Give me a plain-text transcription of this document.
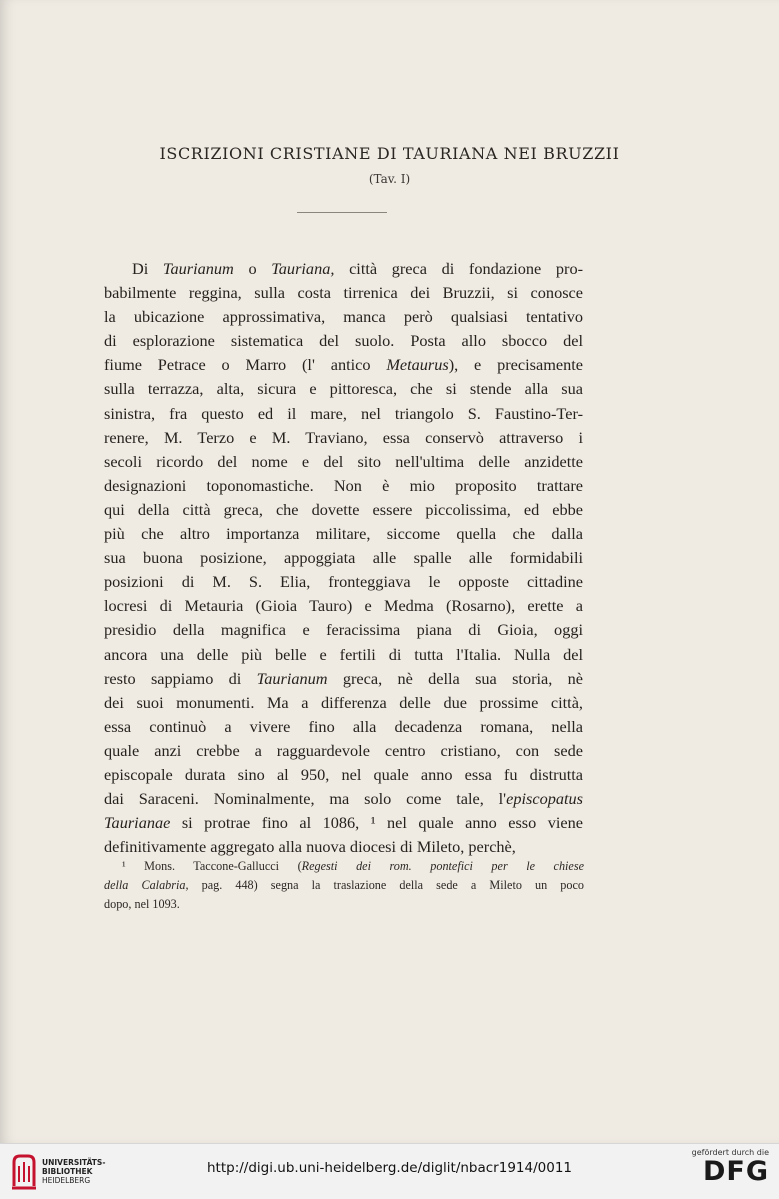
ISCRIZIONI CRISTIANE DI TAURIANA NEI BRUZZII
(Tav. I)
Di Taurianum o Tauriana, città greca di fondazione pro-
babilmente reggina, sulla costa tirrenica dei Bruzzii, si conosce
la ubicazione approssimativa, manca però qualsiasi tentativo
di esplorazione sistematica del suolo. Posta allo sbocco del
fiume Petrace o Marro (l' antico Metaurus), e precisamente
sulla terrazza, alta, sicura e pittoresca, che si stende alla sua
sinistra, fra questo ed il mare, nel triangolo S. Faustino-Ter-
renere, M. Terzo e M. Traviano, essa conservò attraverso i
secoli ricordo del nome e del sito nell'ultima delle anzidette
designazioni toponomastiche. Non è mio proposito trattare
qui della città greca, che dovette essere piccolissima, ed ebbe
più che altro importanza militare, siccome quella che dalla
sua buona posizione, appoggiata alle spalle alle formidabili
posizioni di M. S. Elia, fronteggiava le opposte cittadine
locresi di Metauria (Gioia Tauro) e Medma (Rosarno), erette a
presidio della magnifica e feracissima piana di Gioia, oggi
ancora una delle più belle e fertili di tutta l'Italia. Nulla del
resto sappiamo di Taurianum greca, nè della sua storia, nè
dei suoi monumenti. Ma a differenza delle due prossime città,
essa continuò a vivere fino alla decadenza romana, nella
quale anzi crebbe a ragguardevole centro cristiano, con sede
episcopale durata sino al 950, nel quale anno essa fu distrutta
dai Saraceni. Nominalmente, ma solo come tale, l'episcopatus
Taurianae si protrae fino al 1086, ¹ nel quale anno esso viene
definitivamente aggregato alla nuova diocesi di Mileto, perchè,
¹ Mons. Taccone-Gallucci (Regesti dei rom. pontefici per le chiese
della Calabria, pag. 448) segna la traslazione della sede a Mileto un poco
dopo, nel 1093.
UNIVERSITÄTS-
BIBLIOTHEK
HEIDELBERG
http://digi.ub.uni-heidelberg.de/diglit/nbacr1914/0011
gefördert durch die
DFG
